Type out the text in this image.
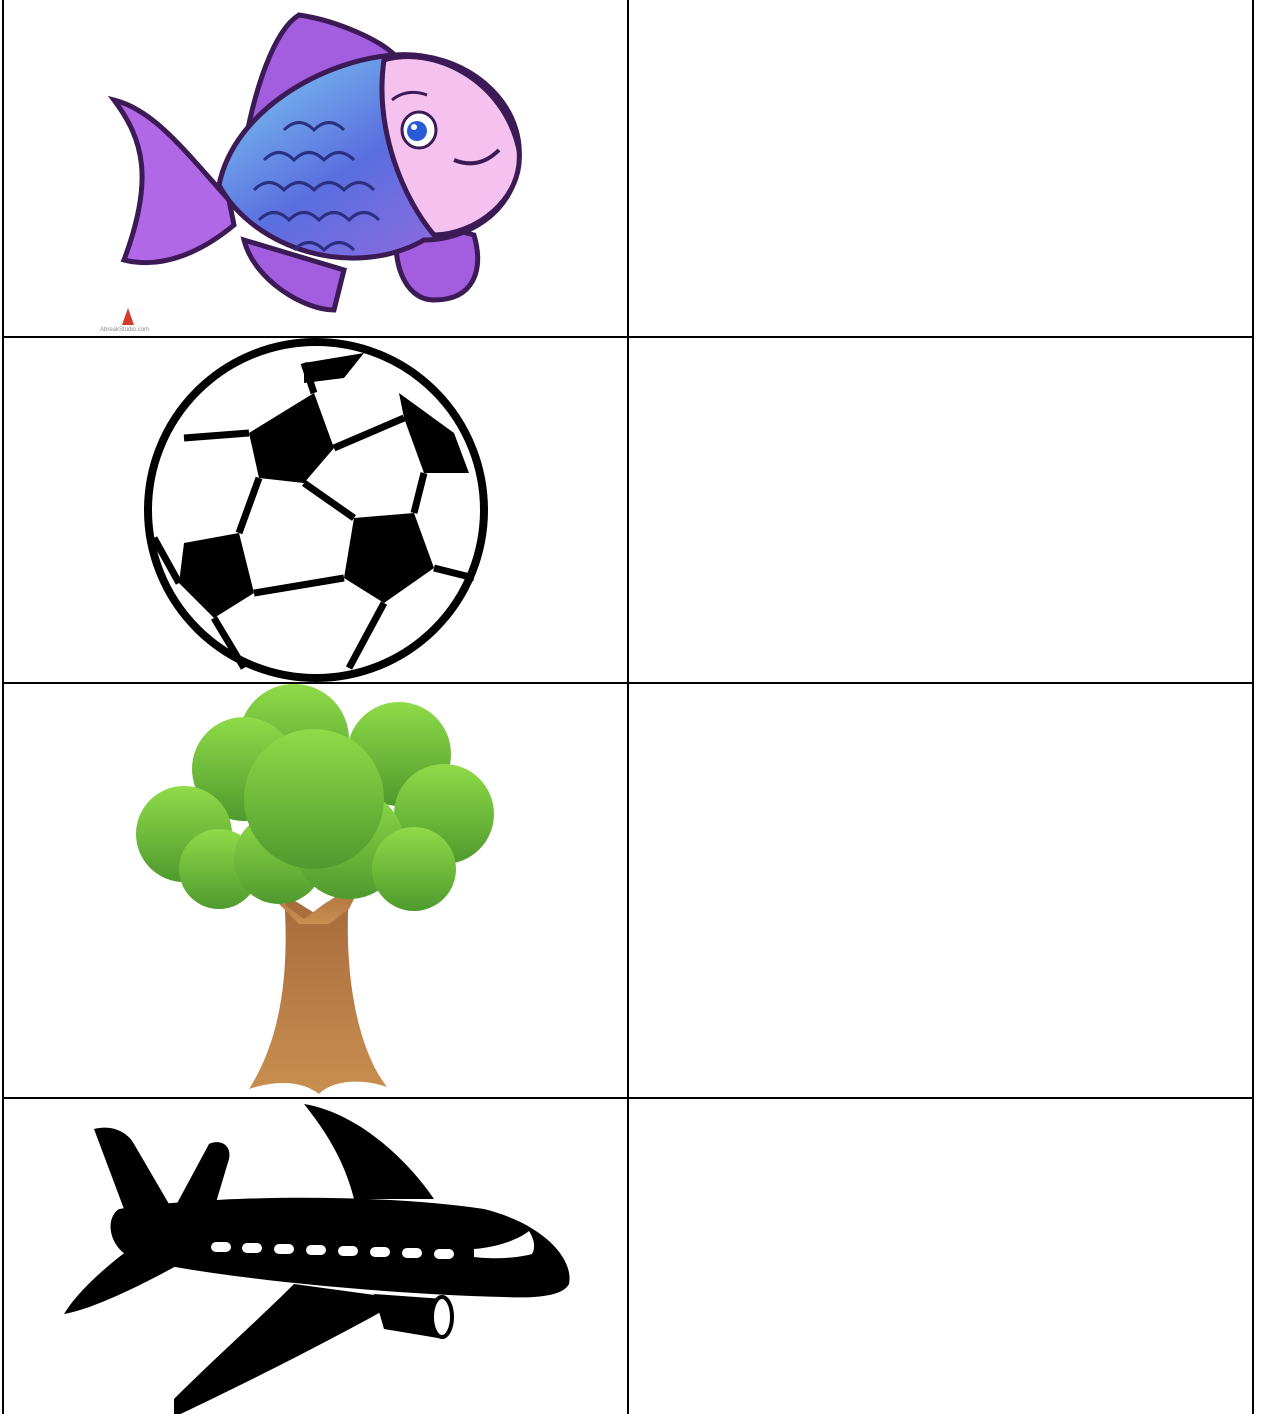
AbreakStudio.com	
